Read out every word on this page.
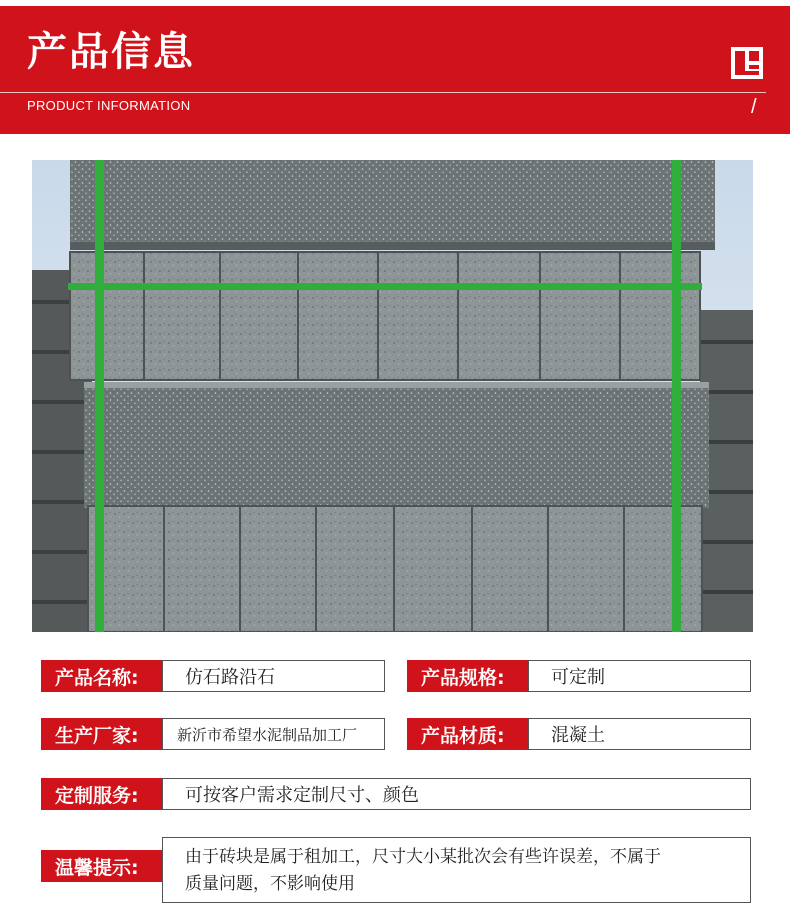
产品信息
PRODUCT INFORMATION	/
产品名称:	仿石路沿石	产品规格:	可定制
生产厂家:	新沂市希望水泥制品加工厂	产品材质:	混凝土
定制服务:	可按客户需求定制尺寸、颜色
温馨提示:	由于砖块是属于租加工，尺寸大小某批次会有些许误差，不属于
质量问题，不影响使用
